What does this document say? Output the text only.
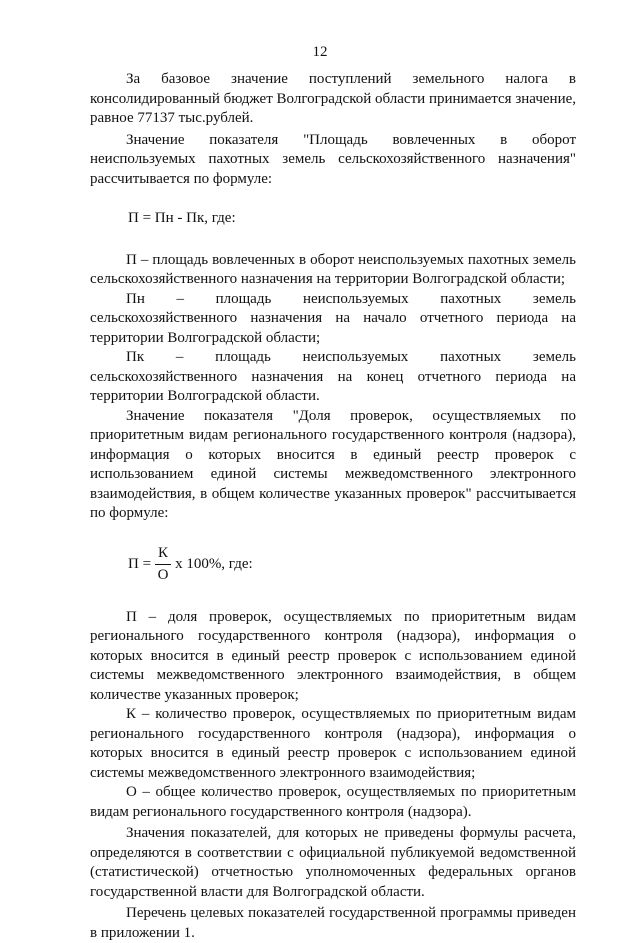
12

За базовое значение поступлений земельного налога в консолидированный бюджет Волгоградской области принимается значение, равное 77137 тыс.рублей.

Значение показателя "Площадь вовлеченных в оборот неиспользуемых пахотных земель сельскохозяйственного назначения" рассчитывается по формуле:

П = Пн - Пк, где:

П – площадь вовлеченных в оборот неиспользуемых пахотных земель сельскохозяйственного назначения на территории Волгоградской области;

Пн – площадь неиспользуемых пахотных земель сельскохозяйственного назначения на начало отчетного периода на территории Волгоградской области;

Пк – площадь неиспользуемых пахотных земель сельскохозяйственного назначения на конец отчетного периода на территории Волгоградской области.

Значение показателя "Доля проверок, осуществляемых по приоритетным видам регионального государственного контроля (надзора), информация о которых вносится в единый реестр проверок с использованием единой системы межведомственного электронного взаимодействия, в общем количестве указанных проверок" рассчитывается по формуле:

$П = \frac{К}{О}$ х 100%, где:

П – доля проверок, осуществляемых по приоритетным видам регионального государственного контроля (надзора), информация о которых вносится в единый реестр проверок с использованием единой системы межведомственного электронного взаимодействия, в общем количестве указанных проверок;

К – количество проверок, осуществляемых по приоритетным видам регионального государственного контроля (надзора), информация о которых вносится в единый реестр проверок с использованием единой системы межведомственного электронного взаимодействия;

О – общее количество проверок, осуществляемых по приоритетным видам регионального государственного контроля (надзора).

Значения показателей, для которых не приведены формулы расчета, определяются в соответствии с официальной публикуемой ведомственной (статистической) отчетностью уполномоченных федеральных органов государственной власти для Волгоградской области.

Перечень целевых показателей государственной программы приведен в приложении 1.
